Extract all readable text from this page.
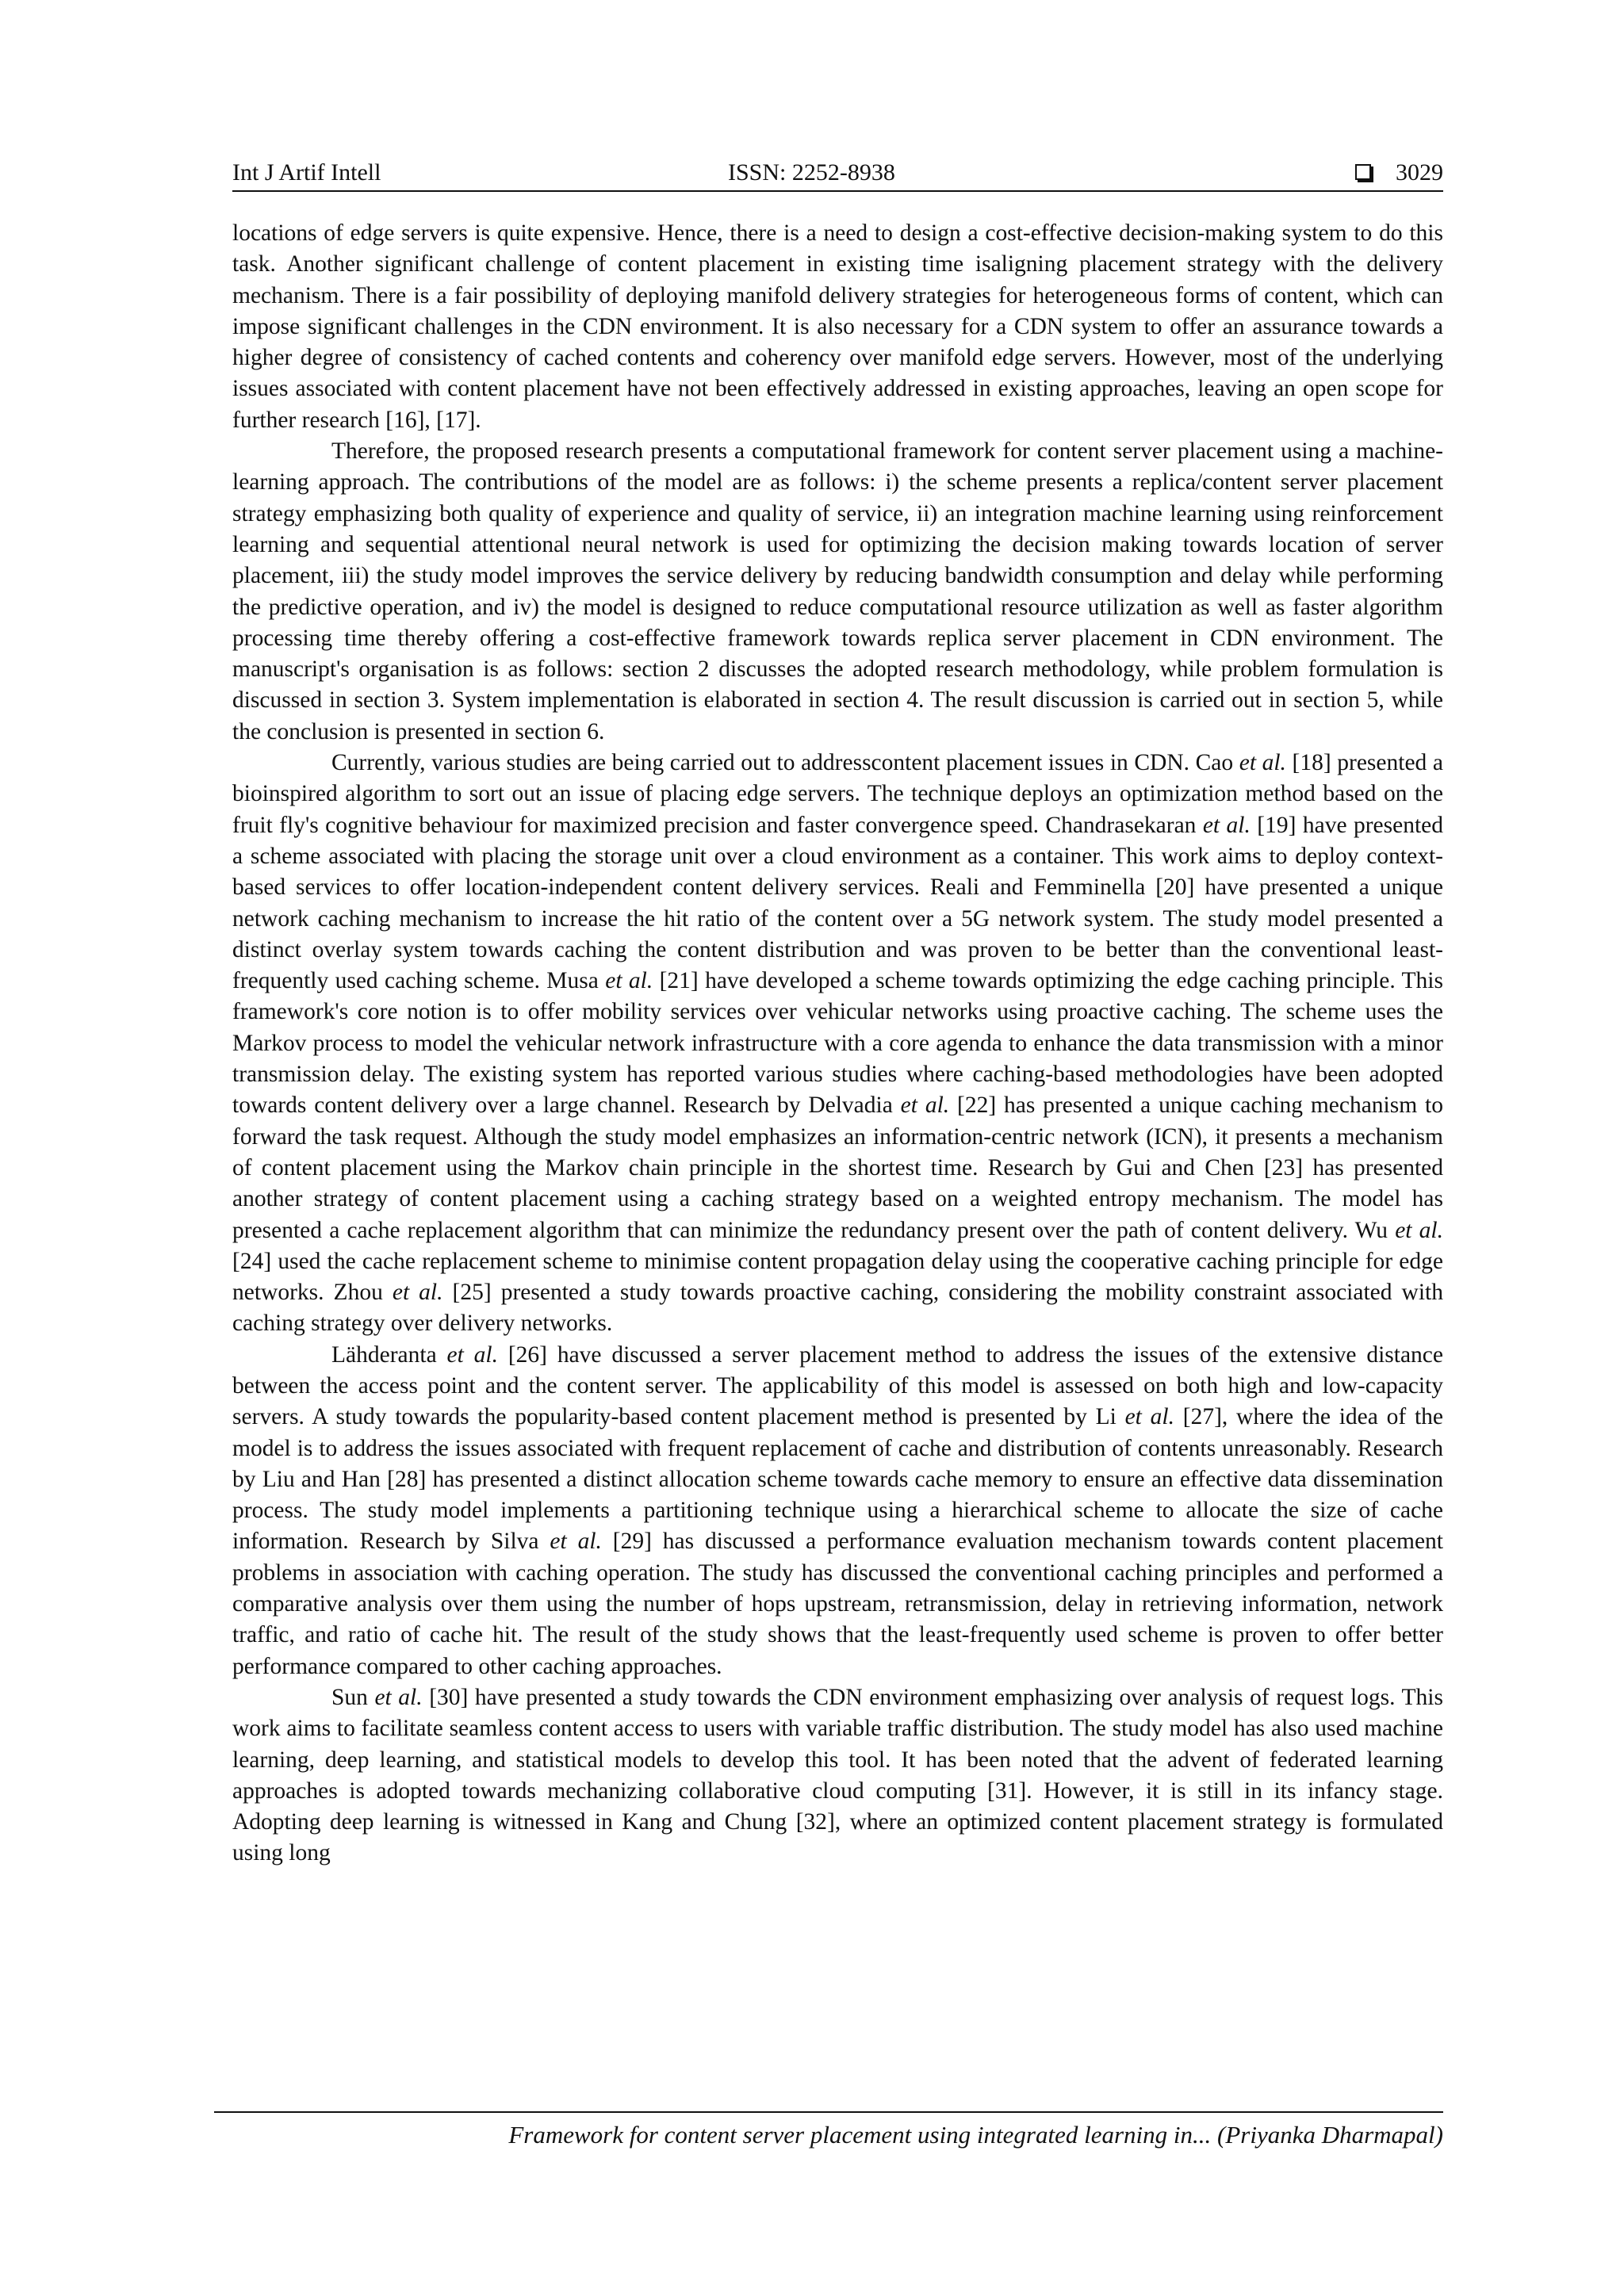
Int J Artif Intell	ISSN: 2252-8938	3029

locations of edge servers is quite expensive. Hence, there is a need to design a cost-effective decision-making system to do this task. Another significant challenge of content placement in existing time isaligning placement strategy with the delivery mechanism. There is a fair possibility of deploying manifold delivery strategies for heterogeneous forms of content, which can impose significant challenges in the CDN environment. It is also necessary for a CDN system to offer an assurance towards a higher degree of consistency of cached contents and coherency over manifold edge servers. However, most of the underlying issues associated with content placement have not been effectively addressed in existing approaches, leaving an open scope for further research [16], [17].

Therefore, the proposed research presents a computational framework for content server placement using a machine-learning approach. The contributions of the model are as follows: i) the scheme presents a replica/content server placement strategy emphasizing both quality of experience and quality of service, ii) an integration machine learning using reinforcement learning and sequential attentional neural network is used for optimizing the decision making towards location of server placement, iii) the study model improves the service delivery by reducing bandwidth consumption and delay while performing the predictive operation, and iv) the model is designed to reduce computational resource utilization as well as faster algorithm processing time thereby offering a cost-effective framework towards replica server placement in CDN environment. The manuscript's organisation is as follows: section 2 discusses the adopted research methodology, while problem formulation is discussed in section 3. System implementation is elaborated in section 4. The result discussion is carried out in section 5, while the conclusion is presented in section 6.

Currently, various studies are being carried out to addresscontent placement issues in CDN. Cao et al. [18] presented a bioinspired algorithm to sort out an issue of placing edge servers. The technique deploys an optimization method based on the fruit fly's cognitive behaviour for maximized precision and faster convergence speed. Chandrasekaran et al. [19] have presented a scheme associated with placing the storage unit over a cloud environment as a container. This work aims to deploy context-based services to offer location-independent content delivery services. Reali and Femminella [20] have presented a unique network caching mechanism to increase the hit ratio of the content over a 5G network system. The study model presented a distinct overlay system towards caching the content distribution and was proven to be better than the conventional least-frequently used caching scheme. Musa et al. [21] have developed a scheme towards optimizing the edge caching principle. This framework's core notion is to offer mobility services over vehicular networks using proactive caching. The scheme uses the Markov process to model the vehicular network infrastructure with a core agenda to enhance the data transmission with a minor transmission delay. The existing system has reported various studies where caching-based methodologies have been adopted towards content delivery over a large channel. Research by Delvadia et al. [22] has presented a unique caching mechanism to forward the task request. Although the study model emphasizes an information-centric network (ICN), it presents a mechanism of content placement using the Markov chain principle in the shortest time. Research by Gui and Chen [23] has presented another strategy of content placement using a caching strategy based on a weighted entropy mechanism. The model has presented a cache replacement algorithm that can minimize the redundancy present over the path of content delivery. Wu et al. [24] used the cache replacement scheme to minimise content propagation delay using the cooperative caching principle for edge networks. Zhou et al. [25] presented a study towards proactive caching, considering the mobility constraint associated with caching strategy over delivery networks.

Lähderanta et al. [26] have discussed a server placement method to address the issues of the extensive distance between the access point and the content server. The applicability of this model is assessed on both high and low-capacity servers. A study towards the popularity-based content placement method is presented by Li et al. [27], where the idea of the model is to address the issues associated with frequent replacement of cache and distribution of contents unreasonably. Research by Liu and Han [28] has presented a distinct allocation scheme towards cache memory to ensure an effective data dissemination process. The study model implements a partitioning technique using a hierarchical scheme to allocate the size of cache information. Research by Silva et al. [29] has discussed a performance evaluation mechanism towards content placement problems in association with caching operation. The study has discussed the conventional caching principles and performed a comparative analysis over them using the number of hops upstream, retransmission, delay in retrieving information, network traffic, and ratio of cache hit. The result of the study shows that the least-frequently used scheme is proven to offer better performance compared to other caching approaches.

Sun et al. [30] have presented a study towards the CDN environment emphasizing over analysis of request logs. This work aims to facilitate seamless content access to users with variable traffic distribution. The study model has also used machine learning, deep learning, and statistical models to develop this tool. It has been noted that the advent of federated learning approaches is adopted towards mechanizing collaborative cloud computing [31]. However, it is still in its infancy stage. Adopting deep learning is witnessed in Kang and Chung [32], where an optimized content placement strategy is formulated using long

Framework for content server placement using integrated learning in... (Priyanka Dharmapal)
